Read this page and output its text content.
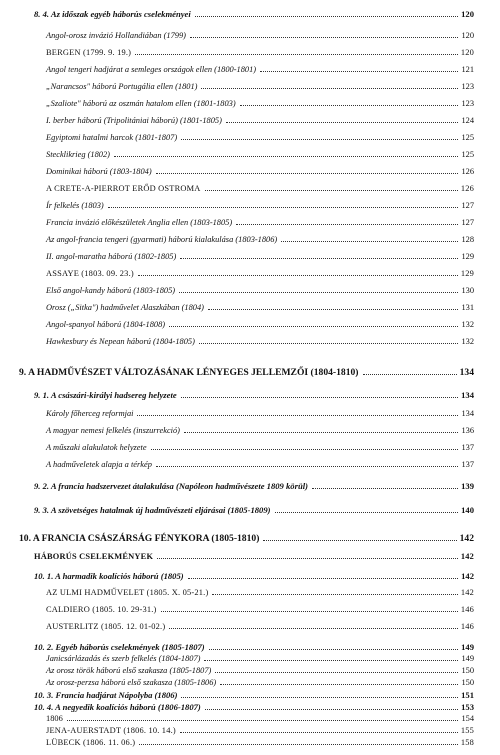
8. 4. Az időszak egyéb háborús cselekményei	120
Angol-orosz invázió Hollandiában (1799)	120
BERGEN (1799. 9. 19.)	120
Angol tengeri hadjárat a semleges országok ellen (1800-1801)	121
„Narancsos" háború Portugália ellen (1801)	123
„Szaliote" háború az oszmán hatalom ellen (1801-1803)	123
I. berber háború (Tripolitániai háború) (1801-1805)	124
Egyiptomi hatalmi harcok (1801-1807)	125
Stecklikrieg (1802)	125
Dominikai háború (1803-1804)	126
A CRETE-A-PIERROT ERŐD OSTROMA	126
Ír felkelés (1803)	127
Francia invázió előkészületek Anglia ellen (1803-1805)	127
Az angol-francia tengeri (gyarmati) háború kialakulása (1803-1806)	128
II. angol-maratha háború (1802-1805)	129
ASSAYE (1803. 09. 23.)	129
Első angol-kandy háború (1803-1805)	130
Orosz („Sitka") hadművelet Alaszkában (1804)	131
Angol-spanyol háború (1804-1808)	132
Hawkesbury és Nepean háború (1804-1805)	132
9. A HADMŰVÉSZET VÁLTOZÁSÁNAK LÉNYEGES JELLEMZŐI (1804-1810)	134
9. 1. A császári-királyi hadsereg helyzete	134
Károly főherceg reformjai	134
A magyar nemesi felkelés (inszurrekció)	136
A műszaki alakulatok helyzete	137
A hadműveletek alapja a térkép	137
9. 2. A francia hadszervezet átalakulása (Napóleon hadművészete 1809 körül)	139
9. 3. A szövetséges hatalmak új hadművészeti eljárásai (1805-1809)	140
10. A FRANCIA CSÁSZÁRSÁG FÉNYKORA (1805-1810)	142
HÁBORÚS CSELEKMÉNYEK	142
10. 1. A harmadik koalíciós háború (1805)	142
AZ ULMI HADMŰVELET (1805. X. 05-21.)	142
CALDIERO (1805. 10. 29-31.)	146
AUSTERLITZ (1805. 12. 01-02.)	146
10. 2. Egyéb háborús cselekmények (1805-1807)	149
Janicsárlázadás és szerb felkelés (1804-1807)	149
Az orosz török háború első szakasza (1805-1807)	150
Az orosz-perzsa háború első szakasza (1805-1806)	150
10. 3. Francia hadjárat Nápolyba (1806)	151
10. 4. A negyedik koalíciós háború (1806-1807)	153
1806	154
JENA-AUERSTADT (1806. 10. 14.)	155
LÜBECK (1806. 11. 06.)	158
